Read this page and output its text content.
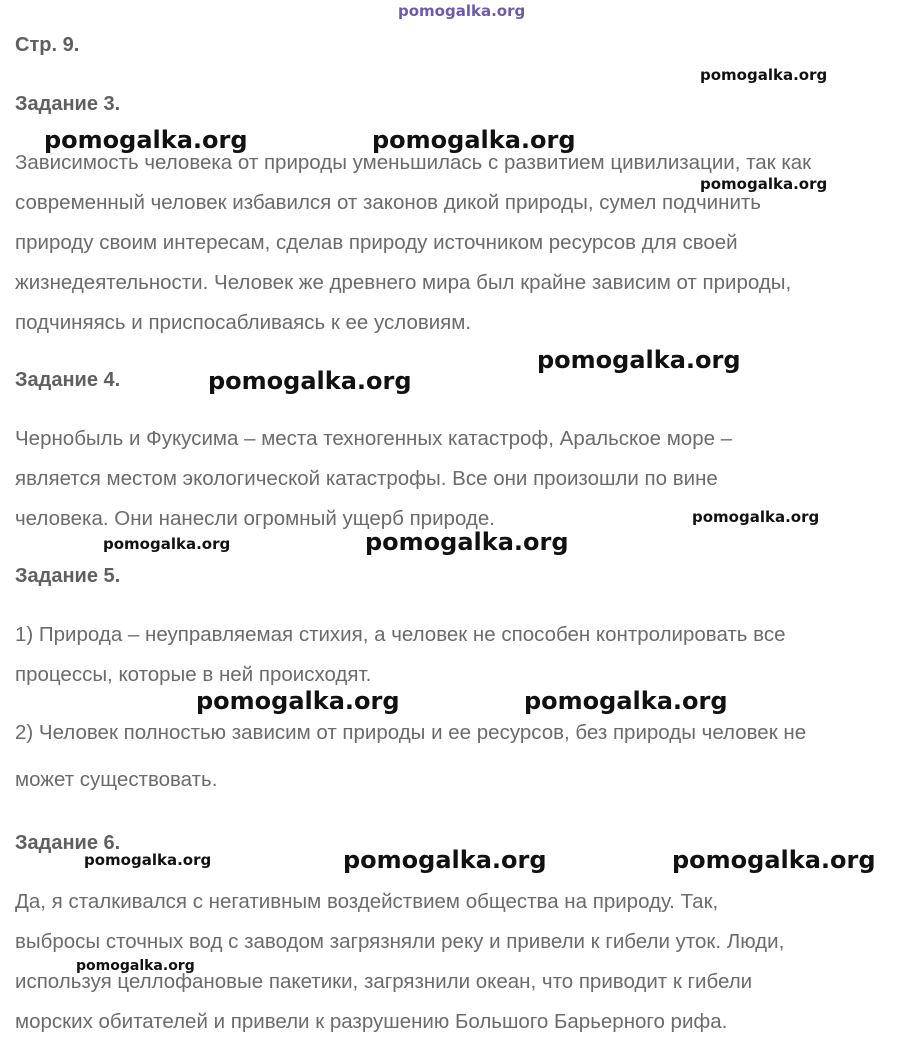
pomogalka.org
Стр. 9.
Задание 3.
Зависимость человека от природы уменьшилась с развитием цивилизации, так как
современный человек избавился от законов дикой природы, сумел подчинить
природу своим интересам, сделав природу источником ресурсов для своей
жизнедеятельности. Человек же древнего мира был крайне зависим от природы,
подчиняясь и приспосабливаясь к ее условиям.
Задание 4.
Чернобыль и Фукусима – места техногенных катастроф, Аральское море –
является местом экологической катастрофы. Все они произошли по вине
человека. Они нанесли огромный ущерб природе.
Задание 5.
1) Природа – неуправляемая стихия, а человек не способен контролировать все
процессы, которые в ней происходят.
2) Человек полностью зависим от природы и ее ресурсов, без природы человек не
может существовать.
Задание 6.
Да, я сталкивался с негативным воздействием общества на природу. Так,
выбросы сточных вод с заводом загрязняли реку и привели к гибели уток. Люди,
используя целлофановые пакетики, загрязнили океан, что приводит к гибели
морских обитателей и привели к разрушению Большого Барьерного рифа.
pomogalka.org
pomogalka.org	pomogalka.org
pomogalka.org
pomogalka.org
pomogalka.org
pomogalka.org
pomogalka.org	pomogalka.org
pomogalka.org	pomogalka.org
pomogalka.org	pomogalka.org	pomogalka.org
pomogalka.org
